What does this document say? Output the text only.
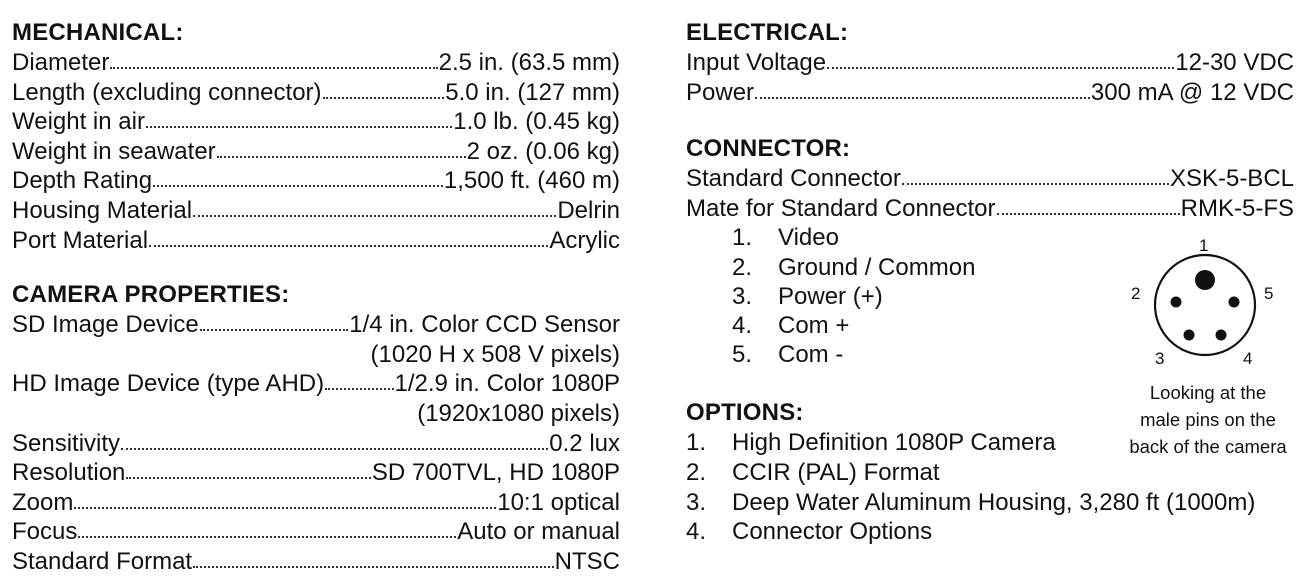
MECHANICAL:
Diameter	2.5 in. (63.5 mm)
Length (excluding connector)	5.0 in. (127 mm)
Weight in air	1.0 lb. (0.45 kg)
Weight in seawater	2 oz. (0.06 kg)
Depth Rating	1,500 ft. (460 m)
Housing Material	Delrin
Port Material	Acrylic
CAMERA PROPERTIES:
SD Image Device	1/4 in. Color CCD Sensor
(1020 H x 508 V pixels)
HD Image Device (type AHD)	1/2.9 in. Color 1080P
(1920x1080 pixels)
Sensitivity	0.2 lux
Resolution	SD 700TVL, HD 1080P
Zoom	10:1 optical
Focus	Auto or manual
Standard Format	NTSC
ELECTRICAL:
Input Voltage	12-30 VDC
Power	300 mA @ 12 VDC
CONNECTOR:
Standard Connector	XSK-5-BCL
Mate for Standard Connector	RMK-5-FS
1. Video
2. Ground / Common
3. Power (+)
4. Com +
5. Com -
OPTIONS:
1. High Definition 1080P Camera
2. CCIR (PAL) Format
3. Deep Water Aluminum Housing, 3,280 ft (1000m)
4. Connector Options
1
2
3	4
5
Looking at the
male pins on the
back of the camera
